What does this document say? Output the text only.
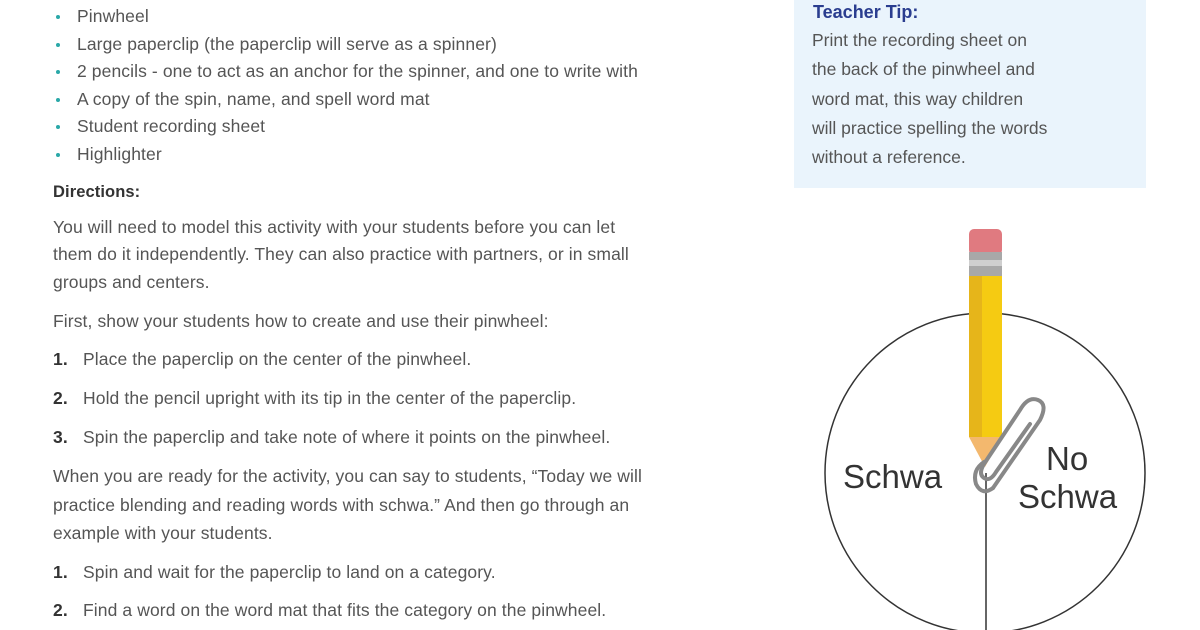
Pinwheel
Large paperclip (the paperclip will serve as a spinner)
2 pencils - one to act as an anchor for the spinner, and one to write with
A copy of the spin, name, and spell word mat
Student recording sheet
Highlighter
Directions:
You will need to model this activity with your students before you can let
them do it independently. They can also practice with partners, or in small
groups and centers.
First, show your students how to create and use their pinwheel:
1. Place the paperclip on the center of the pinwheel.
2. Hold the pencil upright with its tip in the center of the paperclip.
3. Spin the paperclip and take note of where it points on the pinwheel.
When you are ready for the activity, you can say to students, “Today we will
practice blending and reading words with schwa.” And then go through an
example with your students.
1. Spin and wait for the paperclip to land on a category.
2. Find a word on the word mat that fits the category on the pinwheel.
Teacher Tip:
Print the recording sheet on
the back of the pinwheel and
word mat, this way children
will practice spelling the words
without a reference.
Schwa	No
Schwa
